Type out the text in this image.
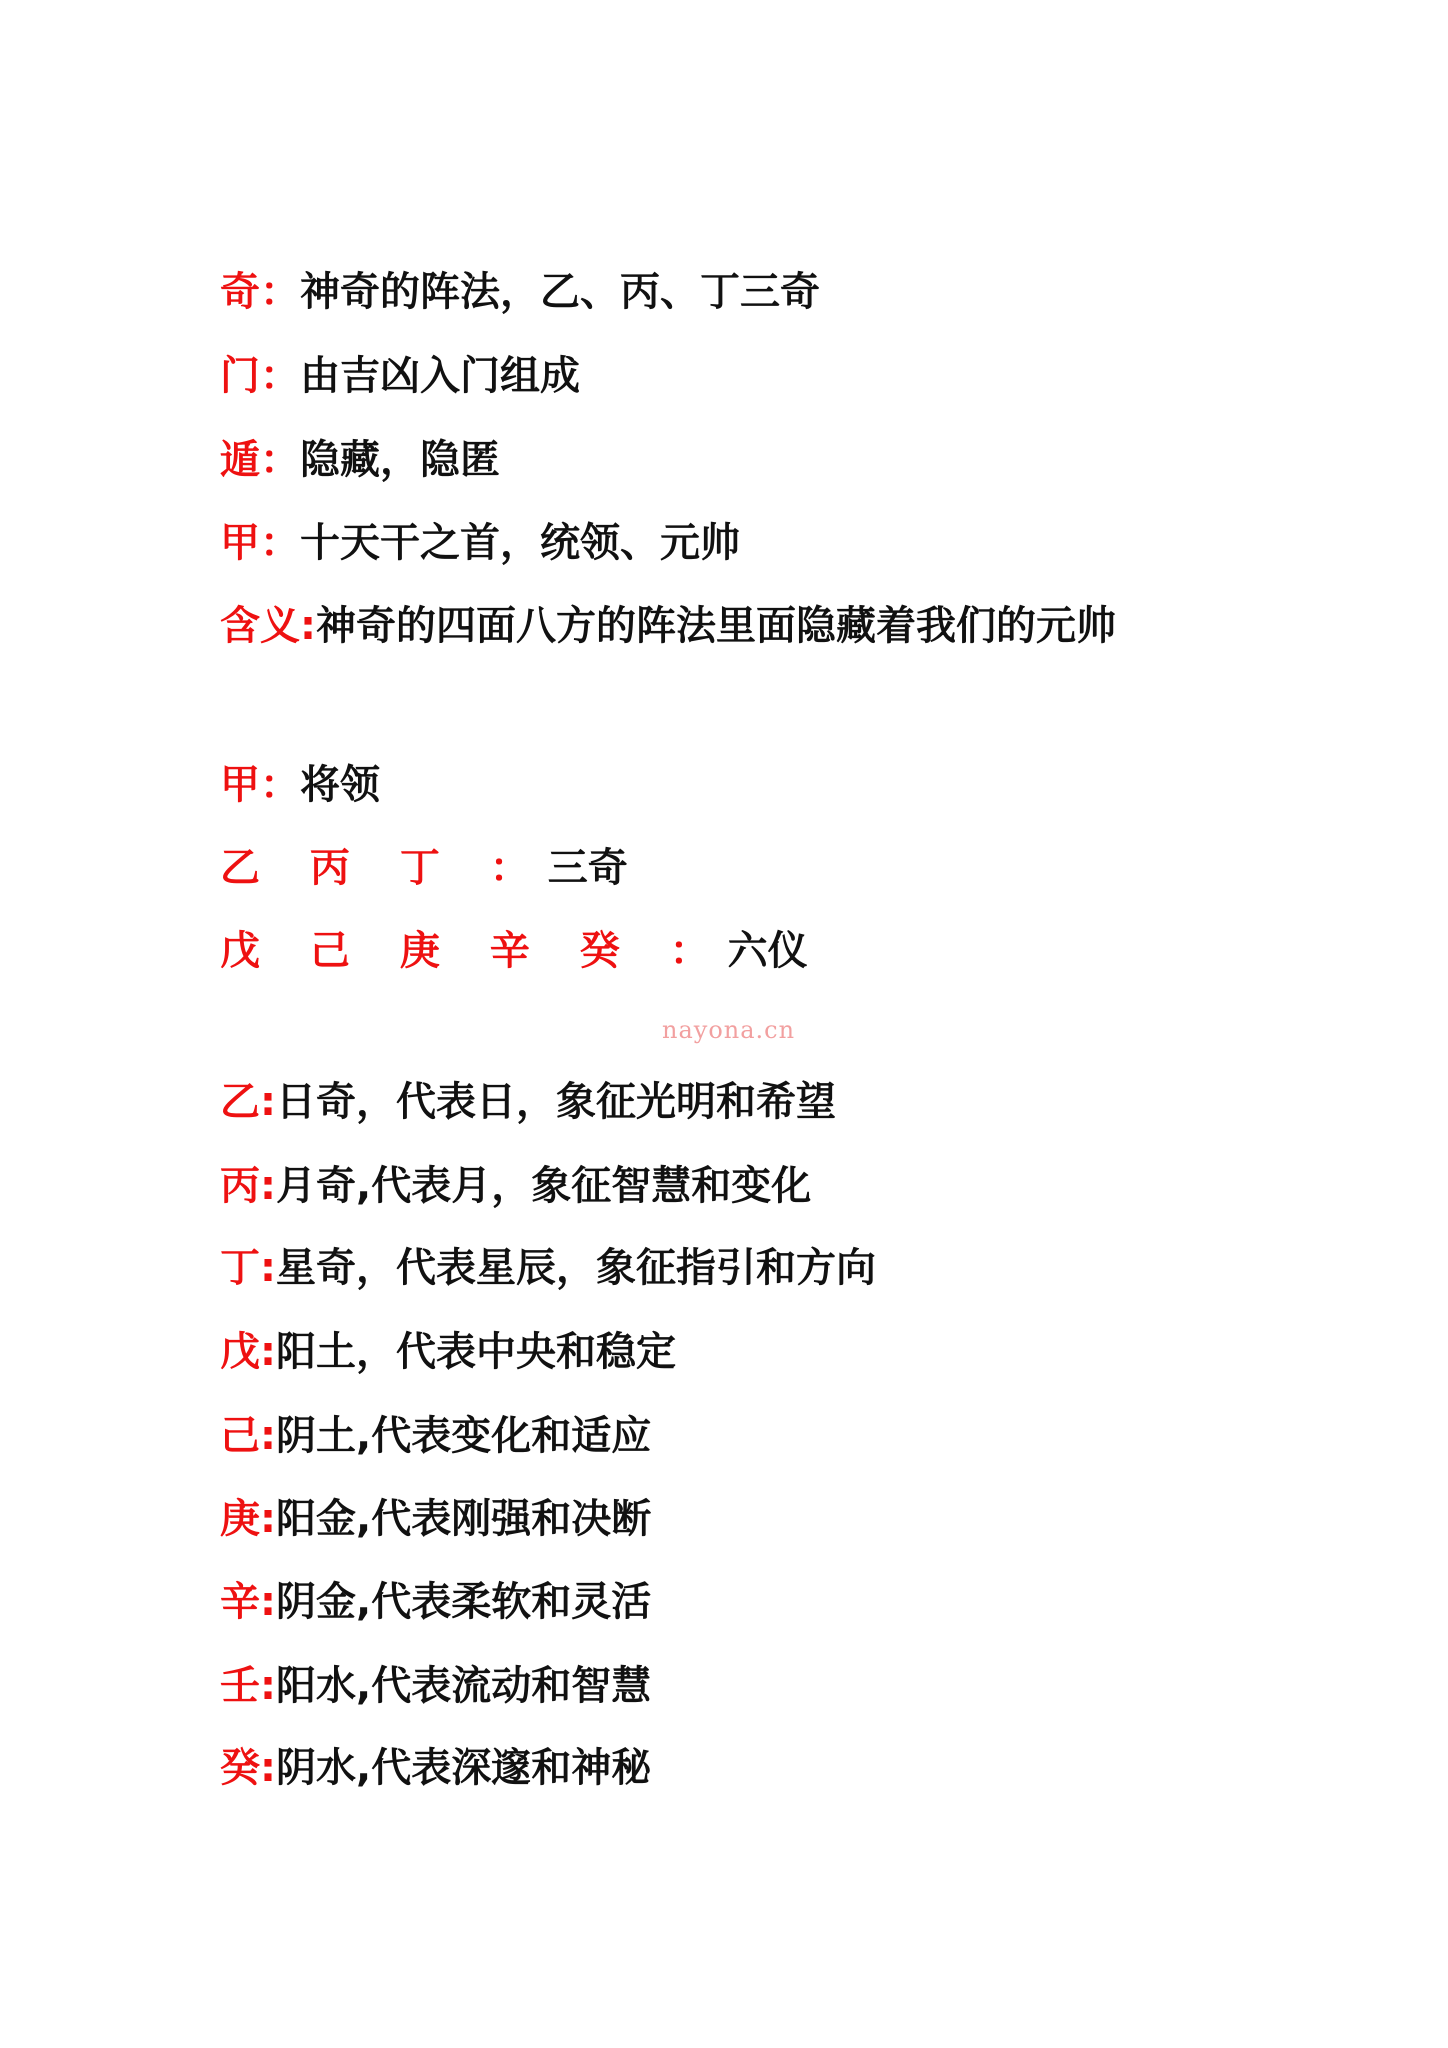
奇：神奇的阵法，乙、丙、丁三奇
门：由吉凶入门组成
遁：隐藏，隐匿
甲：十天干之首，统领、元帅
含义:神奇的四面八方的阵法里面隐藏着我们的元帅
甲：将领
乙 丙 丁 ：三奇
戊 己 庚 辛 癸 ：六仪
nayona.cn
乙:日奇，代表日，象征光明和希望
丙:月奇,代表月，象征智慧和变化
丁:星奇，代表星辰，象征指引和方向
戊:阳土，代表中央和稳定
己:阴土,代表变化和适应
庚:阳金,代表刚强和决断
辛:阴金,代表柔软和灵活
壬:阳水,代表流动和智慧
癸:阴水,代表深邃和神秘
